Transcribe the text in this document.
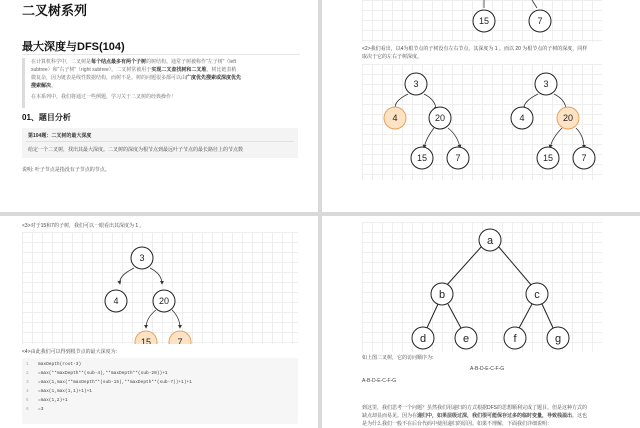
二叉树系列
最大深度与DFS(104)
在计算机科学中，二叉树是每个结点最多有两个子树的树结构。通常子树被称作“左子树”（left
subtree）和“右子树”（right subtree）。二叉树常被用于实现二叉查找树和二叉堆。树比链表稍
微复杂，因为链表是线性数据结构，而树不是。树的问题很多都可以由广度优先搜索或深度优先
搜索解决。
在本系列中，我们将通过一些例题，学习关于二叉树的经典操作！
01、题目分析
第104题：二叉树的最大深度
给定一个二叉树，找出其最大深度。二叉树的深度为根节点到最远叶子节点的最长路径上的节点数
说明: 叶子节点是指没有子节点的节点。
15	7
<2>我们看出，以4为根节点的子树没有左右节点，其深度为 1 。而以 20 为根节点的子树的深度，同样
取决于它的左右子树深度。
3
4	20
15	7
3
4	20
15	7
<3>对于15和7的子树，我们可以一眼看出其深度为 1 。
3
4	20
15	7
<4>由此我们可以得到根节点的最大深度为:
1 maxDepth(root-3)
2 =max(**maxDepth**(sub-4),**maxDepth**(sub-20))+1
3 =max(1,max(**maxDepth**(sub-15),**maxDepth**(sub-7))+1)+1
4 =max(1,max(1,1)+1)+1
5 =max(1,2)+1
6 =3
a
b	c
d	e	f	g
如上图二叉树，它的访问顺序为:
A-B-D-E-C-F-G
A-B-D-E-C-F-G
到这里，我们思考一个问题？虽然我们用递归的方式根据DFS的思想顺利完成了题目。但是这种方式的
缺点却显而易见。因为在递归中，如果层级过深，我们很可能保存过多的临时变量，导致栈溢出。这也
是为什么我们一般不在后台代码中使用递归的原因。如果不理解，下面我们详细说明：
